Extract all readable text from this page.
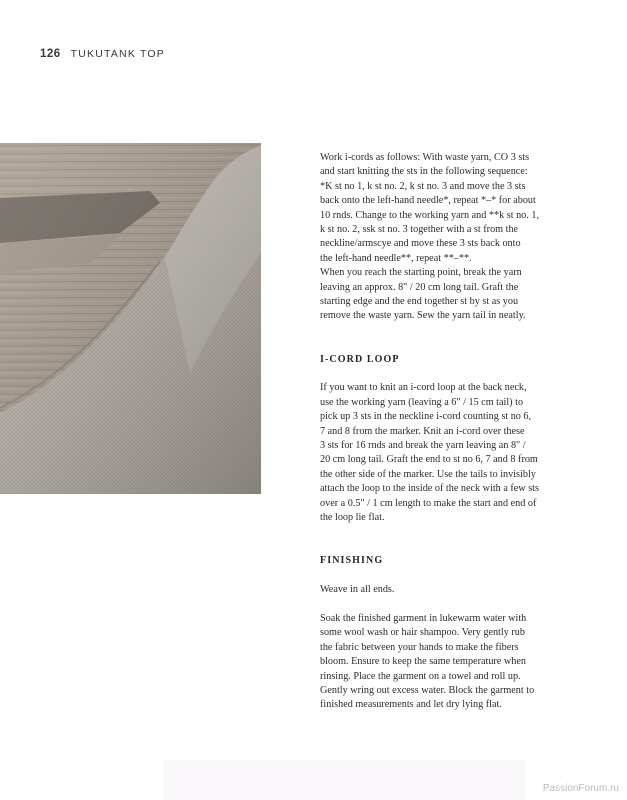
126 TUKUTANK TOP

Work i-cords as follows: With waste yarn, CO 3 sts

and start knitting the sts in the following sequence:

*K st no 1, k st no. 2, k st no. 3 and move the 3 sts

back onto the left-hand needle*, repeat *–* for about

10 rnds. Change to the working yarn and **k st no. 1,

k st no. 2, ssk st no. 3 together with a st from the

neckline/armscye and move these 3 sts back onto

the left-hand needle**, repeat **–**.

When you reach the starting point, break the yarn

leaving an approx. 8" / 20 cm long tail. Graft the

starting edge and the end together st by st as you

remove the waste yarn. Sew the yarn tail in neatly.

I-CORD LOOP

If you want to knit an i-cord loop at the back neck,

use the working yarn (leaving a 6" / 15 cm tail) to

pick up 3 sts in the neckline i-cord counting st no 6,

7 and 8 from the marker. Knit an i-cord over these

3 sts for 16 rnds and break the yarn leaving an 8" /

20 cm long tail. Graft the end to st no 6, 7 and 8 from

the other side of the marker. Use the tails to invisibly

attach the loop to the inside of the neck with a few sts

over a 0.5" / 1 cm length to make the start and end of

the loop lie flat.

FINISHING

Weave in all ends.

Soak the finished garment in lukewarm water with

some wool wash or hair shampoo. Very gently rub

the fabric between your hands to make the fibers

bloom. Ensure to keep the same temperature when

rinsing. Place the garment on a towel and roll up.

Gently wring out excess water. Block the garment to

finished measurements and let dry lying flat.

PassionForum.ru
